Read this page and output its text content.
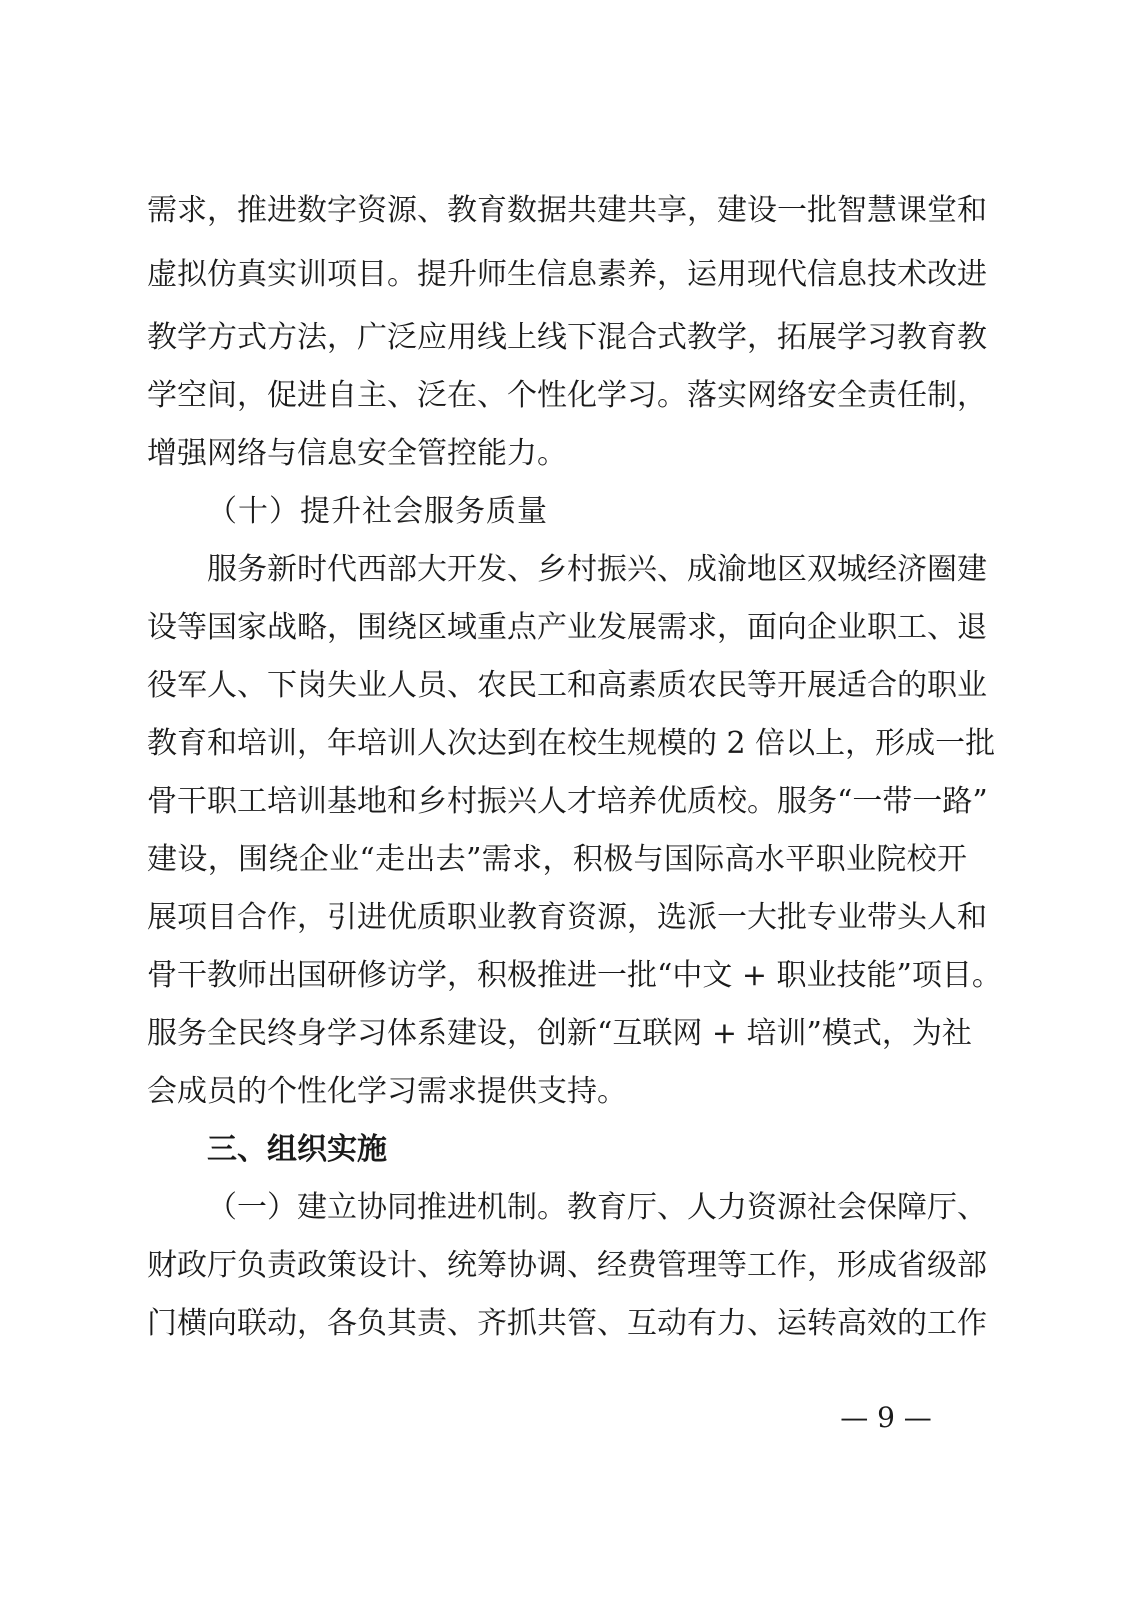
需求，推进数字资源、教育数据共建共享，建设一批智慧课堂和
虚拟仿真实训项目。提升师生信息素养，运用现代信息技术改进
教学方式方法，广泛应用线上线下混合式教学，拓展学习教育教
学空间，促进自主、泛在、个性化学习。落实网络安全责任制，
增强网络与信息安全管控能力。
（十）提升社会服务质量
服务新时代西部大开发、乡村振兴、成渝地区双城经济圈建
设等国家战略，围绕区域重点产业发展需求，面向企业职工、退
役军人、下岗失业人员、农民工和高素质农民等开展适合的职业
教育和培训，年培训人次达到在校生规模的 2 倍以上，形成一批
骨干职工培训基地和乡村振兴人才培养优质校。服务“一带一路”
建设，围绕企业“走出去”需求，积极与国际高水平职业院校开
展项目合作，引进优质职业教育资源，选派一大批专业带头人和
骨干教师出国研修访学，积极推进一批“中文 + 职业技能”项目。
服务全民终身学习体系建设，创新“互联网 + 培训”模式，为社
会成员的个性化学习需求提供支持。
三、组织实施
（一）建立协同推进机制。教育厅、人力资源社会保障厅、
财政厅负责政策设计、统筹协调、经费管理等工作，形成省级部
门横向联动，各负其责、齐抓共管、互动有力、运转高效的工作
— 9 —
